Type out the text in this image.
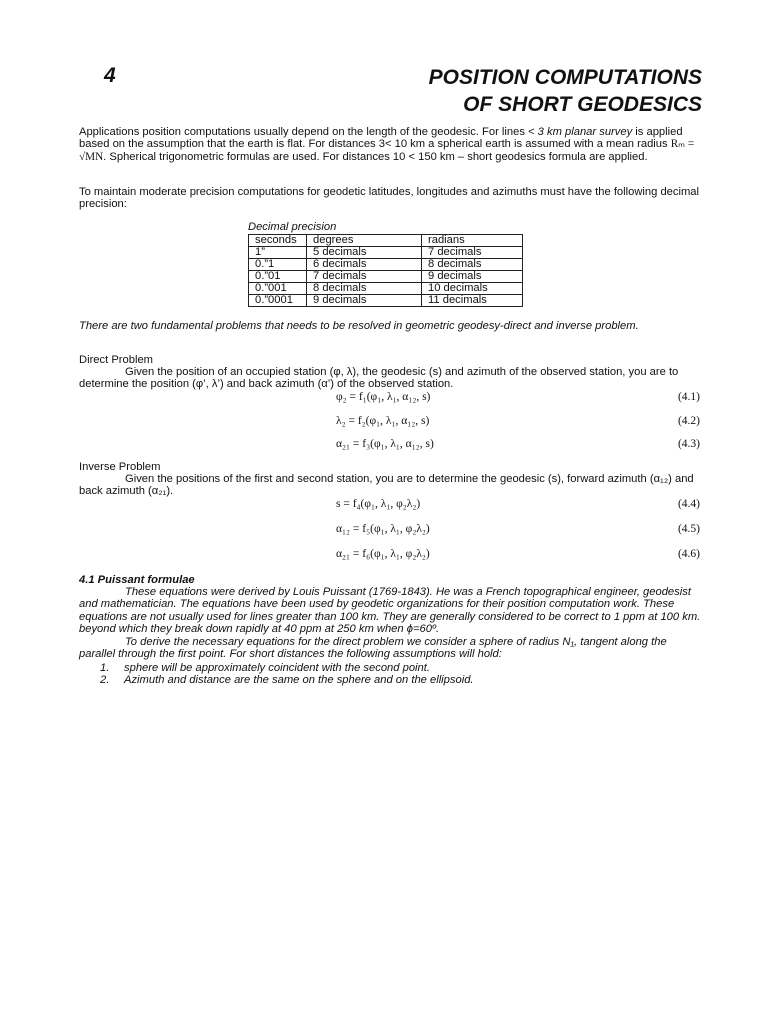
4	POSITION COMPUTATIONS
OF SHORT GEODESICS

Applications position computations usually depend on the length of the geodesic. For lines < 3 km planar survey is applied based on the assumption that the earth is flat. For distances 3< 10 km a spherical earth is assumed with a mean radius Rₘ = √MN. Spherical trigonometric formulas are used. For distances 10 < 150 km – short geodesics formula are applied.

To maintain moderate precision computations for geodetic latitudes, longitudes and azimuths must have the following decimal precision:
Decimal precision
seconds	degrees	radians
1”	5 decimals	7 decimals
0.”1	6 decimals	8 decimals
0.”01	7 decimals	9 decimals
0.”001	8 decimals	10 decimals
0.”0001	9 decimals	11 decimals
There are two fundamental problems that needs to be resolved in geometric geodesy-direct and inverse problem.
Direct Problem

Given the position of an occupied station (φ, λ), the geodesic (s) and azimuth of the observed station, you are to determine the position (φ’, λ’) and back azimuth (α’) of the observed station.

φ₂ = f₁(φ₁, λ₁, α₁₂, s)	(4.1)
λ₂ = f₂(φ₁, λ₁, α₁₂, s)	(4.2)
α₂₁ = f₃(φ₁, λ₁, α₁₂, s)	(4.3)
Inverse Problem

Given the positions of the first and second station, you are to determine the geodesic (s), forward azimuth (α₁₂) and back azimuth (α₂₁).

s = f₄(φ₁, λ₁, φ₂λ₂)	(4.4)
α₁₂ = f₅(φ₁, λ₁, φ₂λ₂)	(4.5)
α₂₁ = f₆(φ₁, λ₁, φ₂λ₂)	(4.6)
4.1 Puissant formulae

These equations were derived by Louis Puissant (1769-1843). He was a French topographical engineer, geodesist and mathematician. The equations have been used by geodetic organizations for their position computation work. These equations are not usually used for lines greater than 100 km. They are generally considered to be correct to 1 ppm at 100 km. beyond which they break down rapidly at 40 ppm at 250 km when ϕ=60º.

To derive the necessary equations for the direct problem we consider a sphere of radius N₁, tangent along the parallel through the first point. For short distances the following assumptions will hold:

1. sphere will be approximately coincident with the second point.
2. Azimuth and distance are the same on the sphere and on the ellipsoid.
